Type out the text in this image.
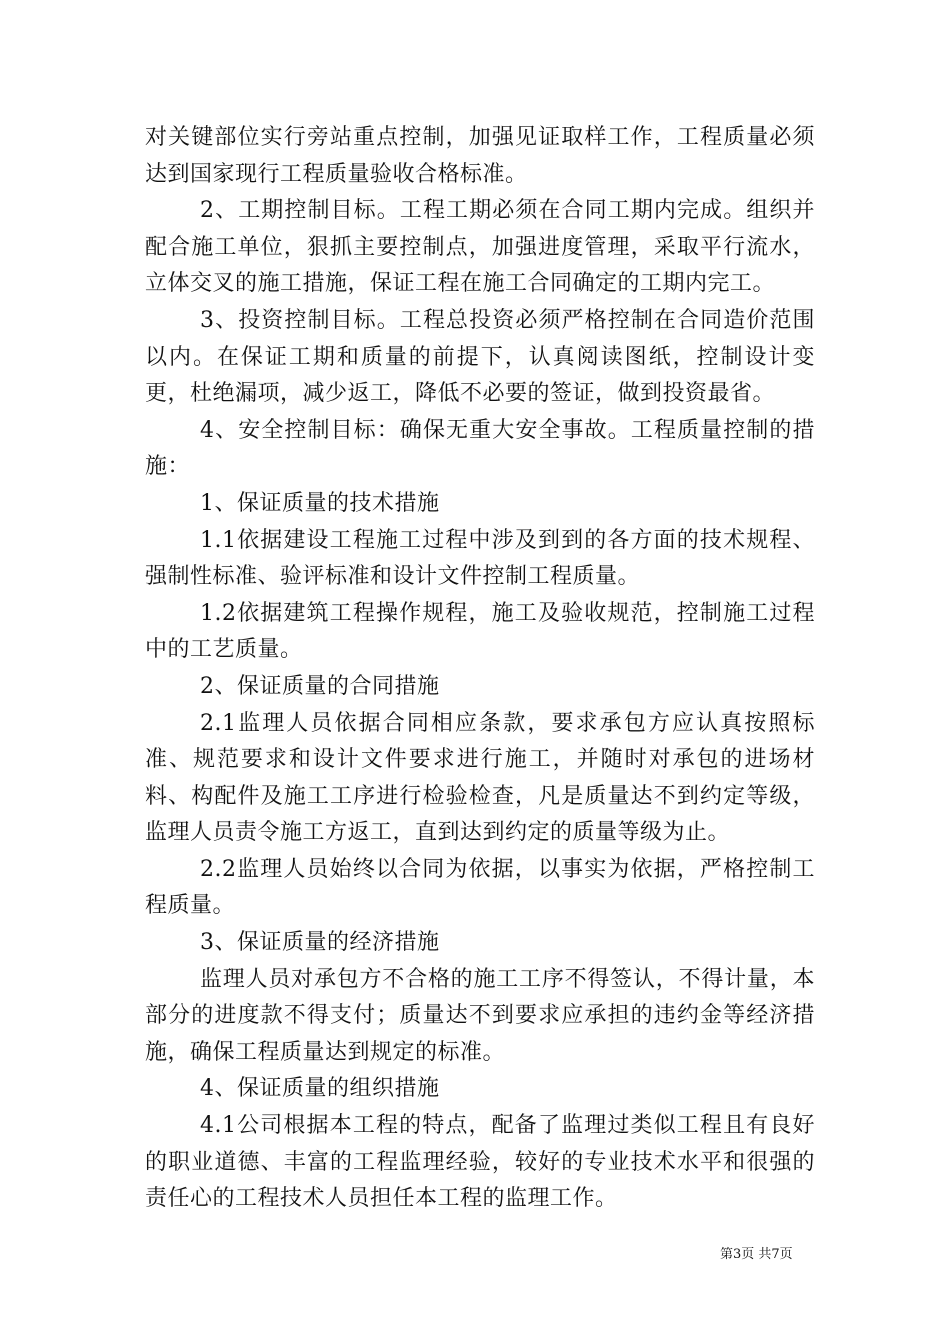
对关键部位实行旁站重点控制，加强见证取样工作，工程质量必须达到国家现行工程质量验收合格标准。

2、工期控制目标。工程工期必须在合同工期内完成。组织并配合施工单位，狠抓主要控制点，加强进度管理，采取平行流水，立体交叉的施工措施，保证工程在施工合同确定的工期内完工。

3、投资控制目标。工程总投资必须严格控制在合同造价范围以内。在保证工期和质量的前提下，认真阅读图纸，控制设计变更，杜绝漏项，减少返工，降低不必要的签证，做到投资最省。

4、安全控制目标：确保无重大安全事故。工程质量控制的措施：

1、保证质量的技术措施

1.1依据建设工程施工过程中涉及到到的各方面的技术规程、强制性标准、验评标准和设计文件控制工程质量。

1.2依据建筑工程操作规程，施工及验收规范，控制施工过程中的工艺质量。

2、保证质量的合同措施

2.1监理人员依据合同相应条款，要求承包方应认真按照标准、规范要求和设计文件要求进行施工，并随时对承包的进场材料、构配件及施工工序进行检验检查，凡是质量达不到约定等级，监理人员责令施工方返工，直到达到约定的质量等级为止。

2.2监理人员始终以合同为依据，以事实为依据，严格控制工程质量。

3、保证质量的经济措施

监理人员对承包方不合格的施工工序不得签认，不得计量，本部分的进度款不得支付；质量达不到要求应承担的违约金等经济措施，确保工程质量达到规定的标准。

4、保证质量的组织措施

4.1公司根据本工程的特点，配备了监理过类似工程且有良好的职业道德、丰富的工程监理经验，较好的专业技术水平和很强的责任心的工程技术人员担任本工程的监理工作。

第3页 共7页
